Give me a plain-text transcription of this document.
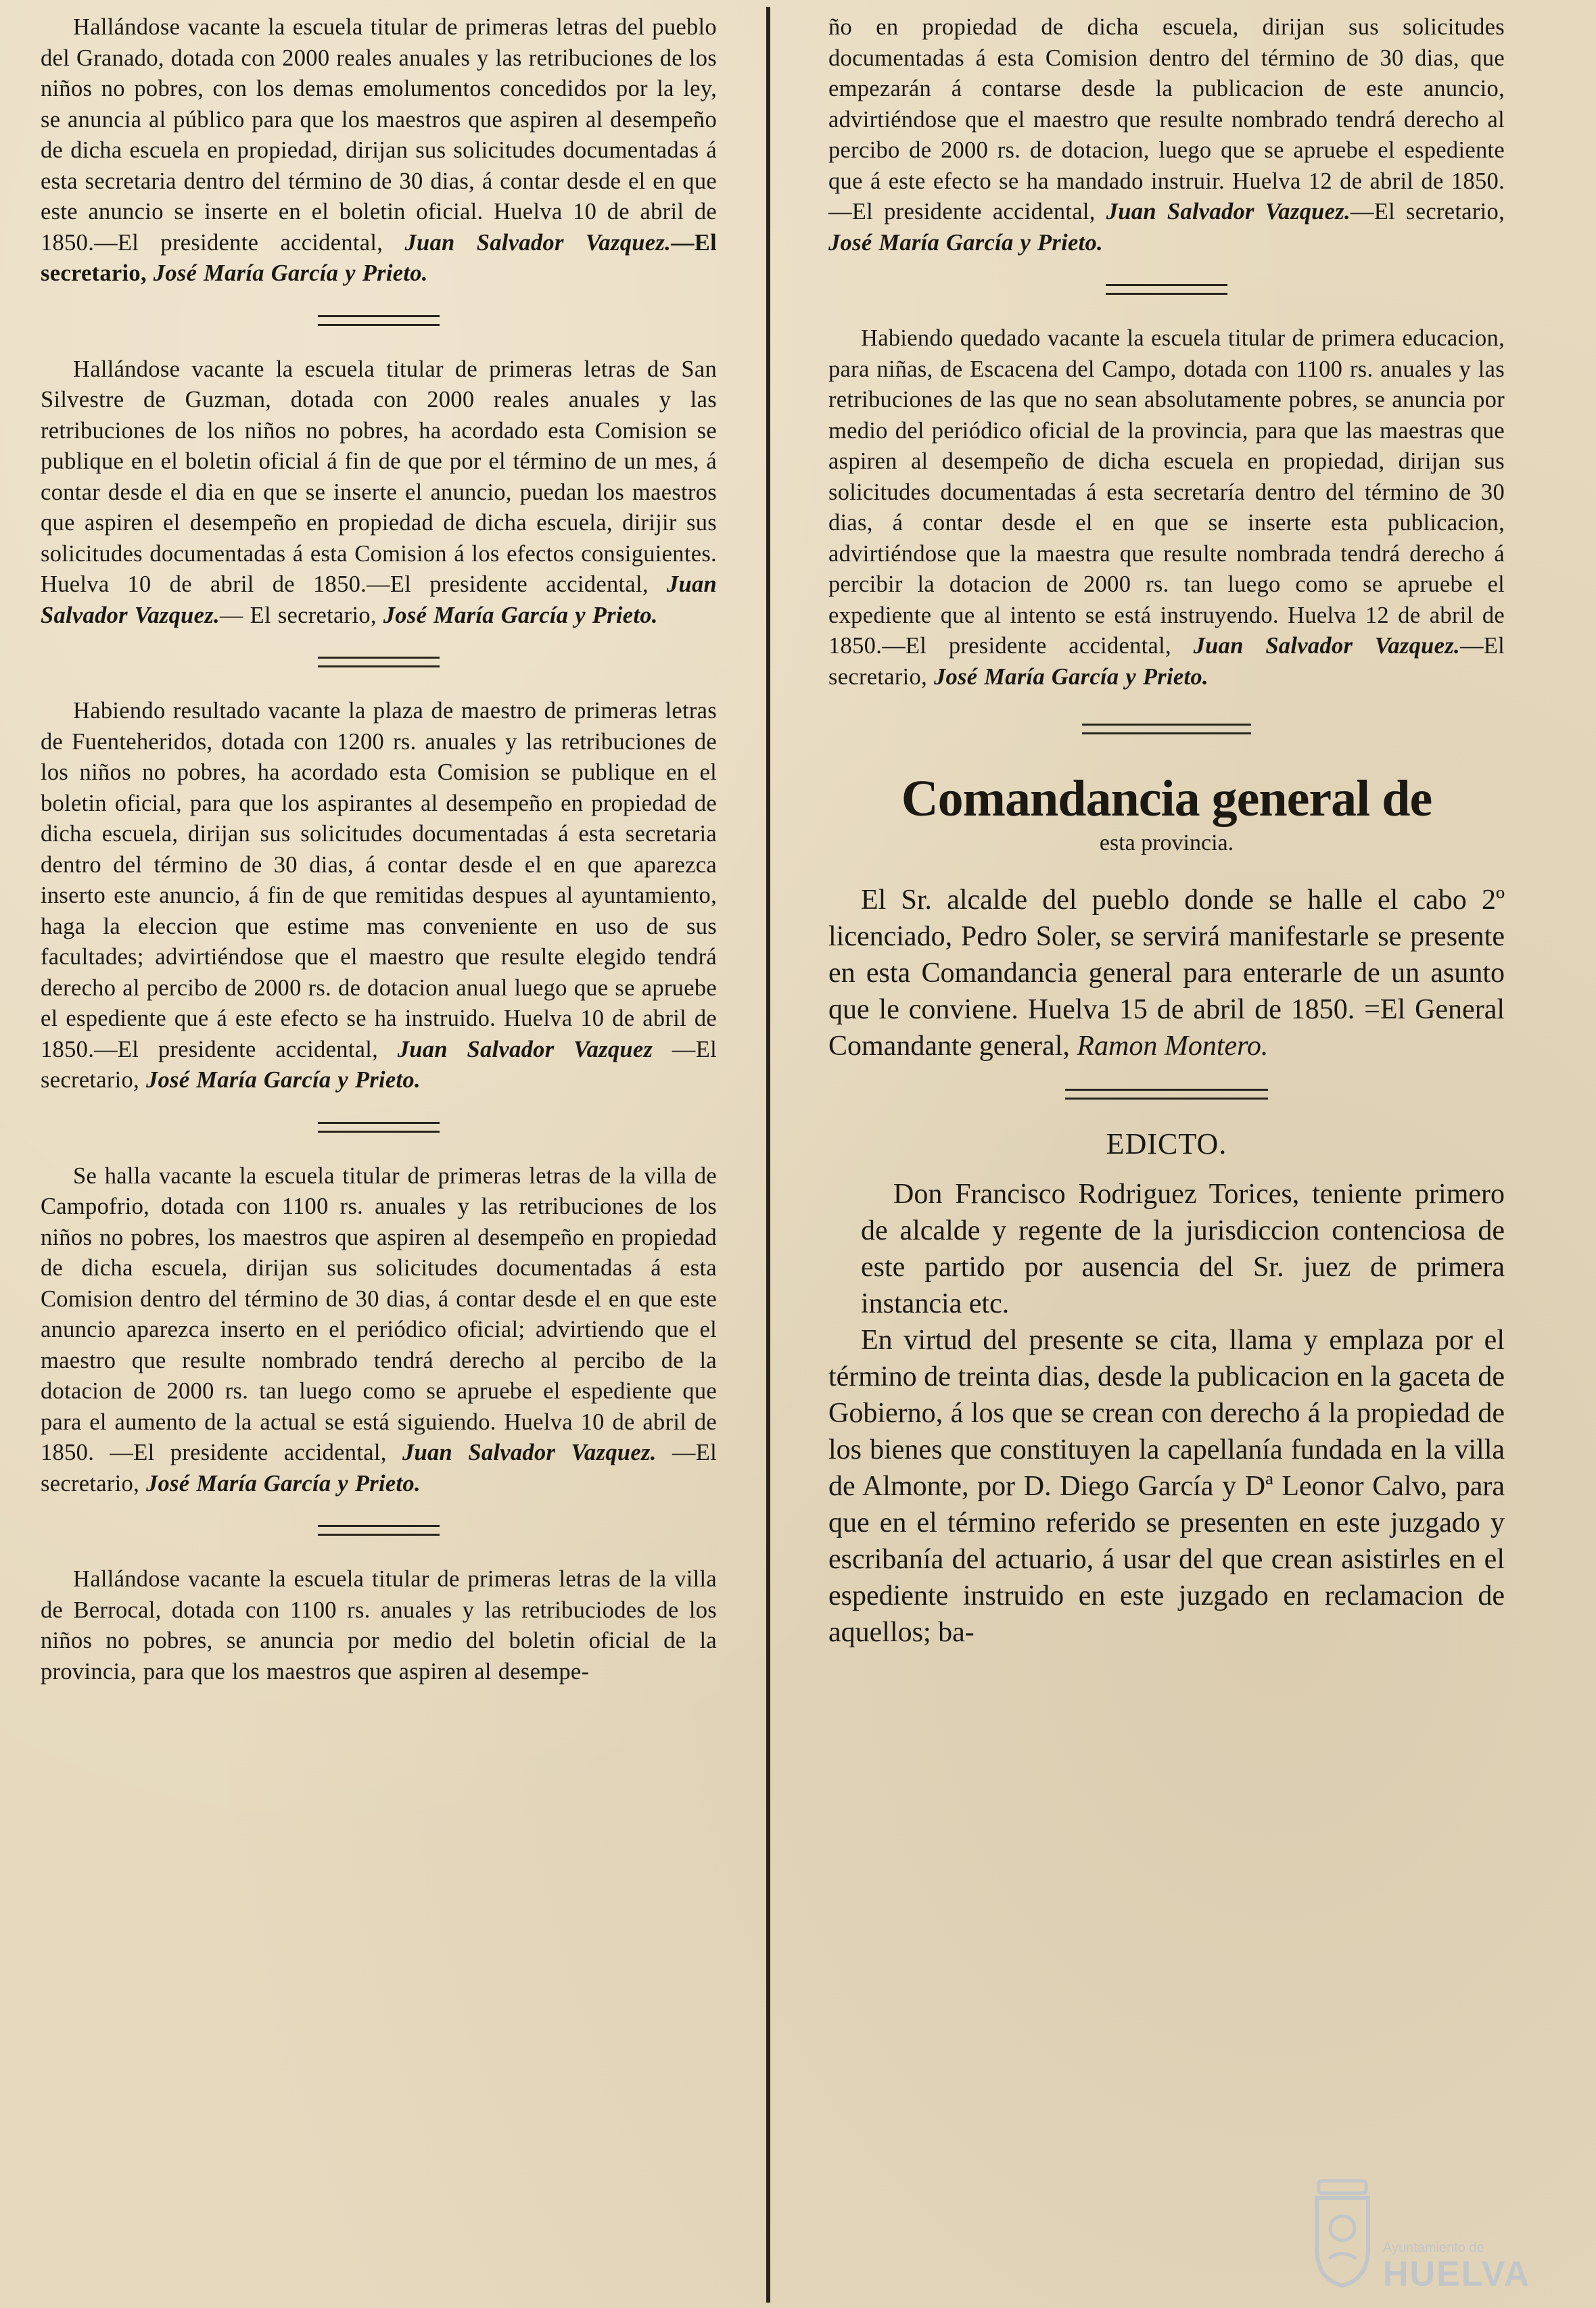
Hallándose vacante la escuela titular de primeras letras del pueblo del Granado, dotada con 2000 reales anuales y las retribuciones de los niños no pobres, con los demas emolumentos concedidos por la ley, se anuncia al público para que los maestros que aspiren al desempeño de dicha escuela en propiedad, dirijan sus solicitudes documentadas á esta secretaria dentro del término de 30 dias, á contar desde el en que este anuncio se inserte en el boletin oficial. Huelva 10 de abril de 1850.—El presidente accidental, Juan Salvador Vazquez.—El secretario, José María García y Prieto.

Hallándose vacante la escuela titular de primeras letras de San Silvestre de Guzman, dotada con 2000 reales anuales y las retribuciones de los niños no pobres, ha acordado esta Comision se publique en el boletin oficial á fin de que por el término de un mes, á contar desde el dia en que se inserte el anuncio, puedan los maestros que aspiren el desempeño en propiedad de dicha escuela, dirijir sus solicitudes documentadas á esta Comision á los efectos consiguientes. Huelva 10 de abril de 1850.—El presidente accidental, Juan Salvador Vazquez.— El secretario, José María García y Prieto.

Habiendo resultado vacante la plaza de maestro de primeras letras de Fuenteheridos, dotada con 1200 rs. anuales y las retribuciones de los niños no pobres, ha acordado esta Comision se publique en el boletin oficial, para que los aspirantes al desempeño en propiedad de dicha escuela, dirijan sus solicitudes documentadas á esta secretaria dentro del término de 30 dias, á contar desde el en que aparezca inserto este anuncio, á fin de que remitidas despues al ayuntamiento, haga la eleccion que estime mas conveniente en uso de sus facultades; advirtiéndose que el maestro que resulte elegido tendrá derecho al percibo de 2000 rs. de dotacion anual luego que se apruebe el espediente que á este efecto se ha instruido. Huelva 10 de abril de 1850.—El presidente accidental, Juan Salvador Vazquez —El secretario, José María García y Prieto.

Se halla vacante la escuela titular de primeras letras de la villa de Campofrio, dotada con 1100 rs. anuales y las retribuciones de los niños no pobres, los maestros que aspiren al desempeño en propiedad de dicha escuela, dirijan sus solicitudes documentadas á esta Comision dentro del término de 30 dias, á contar desde el en que este anuncio aparezca inserto en el periódico oficial; advirtiendo que el maestro que resulte nombrado tendrá derecho al percibo de la dotacion de 2000 rs. tan luego como se apruebe el espediente que para el aumento de la actual se está siguiendo. Huelva 10 de abril de 1850. —El presidente accidental, Juan Salvador Vazquez. —El secretario, José María García y Prieto.

Hallándose vacante la escuela titular de primeras letras de la villa de Berrocal, dotada con 1100 rs. anuales y las retribuciodes de los niños no pobres, se anuncia por medio del boletin oficial de la provincia, para que los maestros que aspiren al desempe-

ño en propiedad de dicha escuela, dirijan sus solicitudes documentadas á esta Comision dentro del término de 30 dias, que empezarán á contarse desde la publicacion de este anuncio, advirtiéndose que el maestro que resulte nombrado tendrá derecho al percibo de 2000 rs. de dotacion, luego que se apruebe el espediente que á este efecto se ha mandado instruir. Huelva 12 de abril de 1850.—El presidente accidental, Juan Salvador Vazquez.—El secretario, José María García y Prieto.

Habiendo quedado vacante la escuela titular de primera educacion, para niñas, de Escacena del Campo, dotada con 1100 rs. anuales y las retribuciones de las que no sean absolutamente pobres, se anuncia por medio del periódico oficial de la provincia, para que las maestras que aspiren al desempeño de dicha escuela en propiedad, dirijan sus solicitudes documentadas á esta secretaría dentro del término de 30 dias, á contar desde el en que se inserte esta publicacion, advirtiéndose que la maestra que resulte nombrada tendrá derecho á percibir la dotacion de 2000 rs. tan luego como se apruebe el expediente que al intento se está instruyendo. Huelva 12 de abril de 1850.—El presidente accidental, Juan Salvador Vazquez.—El secretario, José María García y Prieto.

Comandancia general de
esta provincia.

El Sr. alcalde del pueblo donde se halle el cabo 2º licenciado, Pedro Soler, se servirá manifestarle se presente en esta Comandancia general para enterarle de un asunto que le conviene. Huelva 15 de abril de 1850. =El General Comandante general, Ramon Montero.

EDICTO.

Don Francisco Rodriguez Torices, teniente primero de alcalde y regente de la jurisdiccion contenciosa de este partido por ausencia del Sr. juez de primera instancia etc.

En virtud del presente se cita, llama y emplaza por el término de treinta dias, desde la publicacion en la gaceta de Gobierno, á los que se crean con derecho á la propiedad de los bienes que constituyen la capellanía fundada en la villa de Almonte, por D. Diego García y Dª Leonor Calvo, para que en el término referido se presenten en este juzgado y escribanía del actuario, á usar del que crean asistirles en el espediente instruido en este juzgado en reclamacion de aquellos; ba-

Ayuntamiento de
HUELVA
